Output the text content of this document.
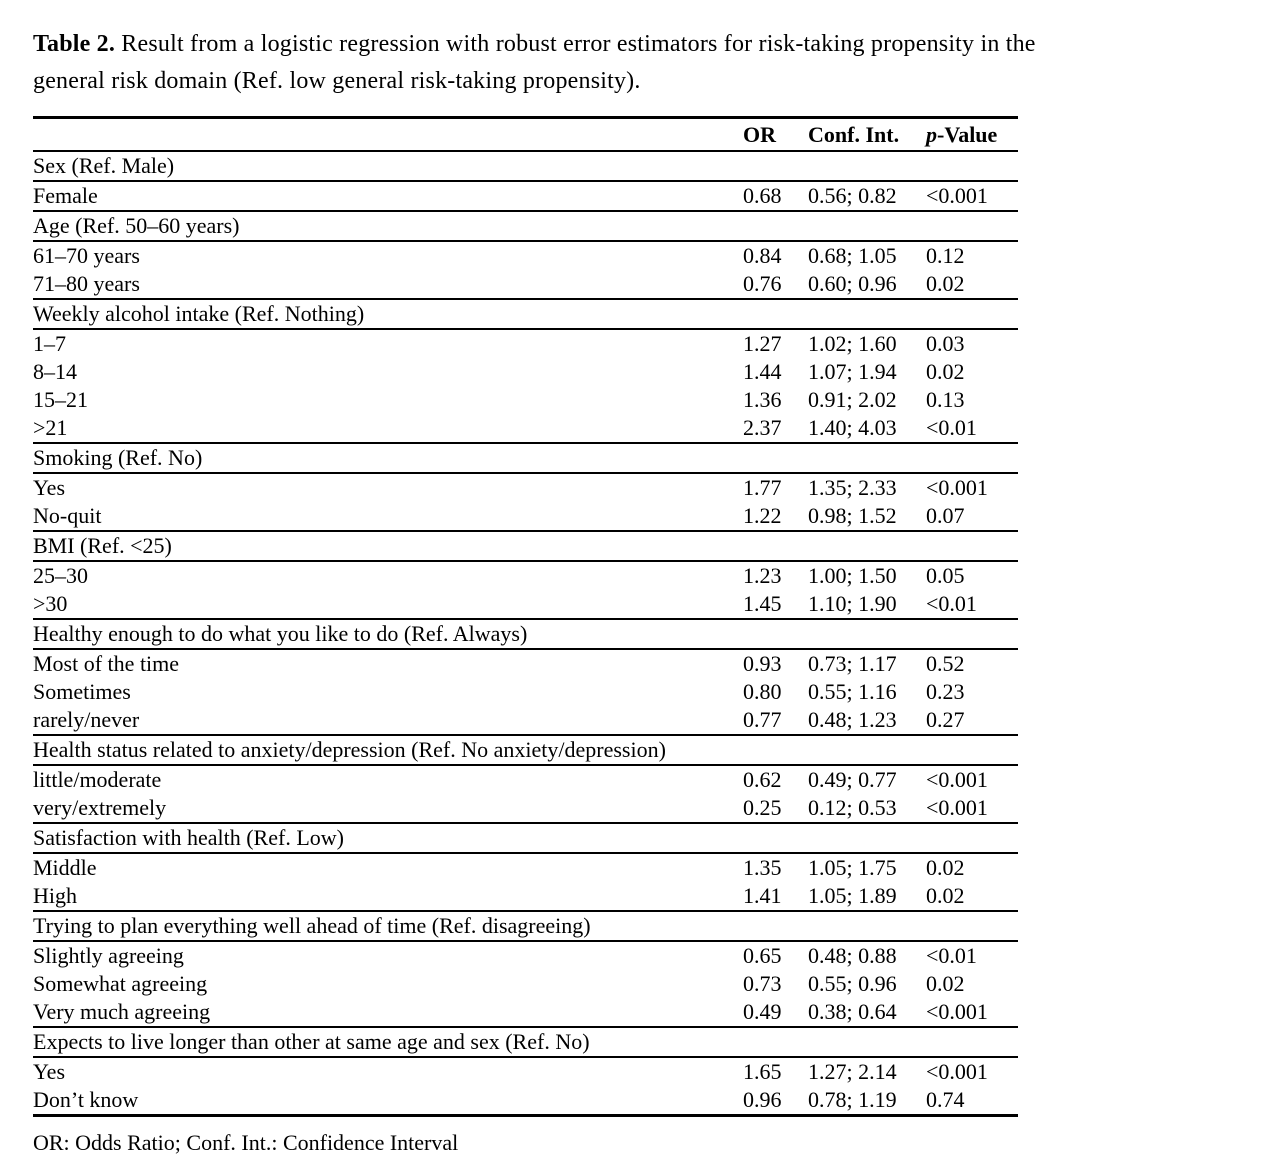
Table 2. Result from a logistic regression with robust error estimators for risk-taking propensity in the
general risk domain (Ref. low general risk-taking propensity).

	OR	Conf. Int.	p-Value
Sex (Ref. Male)			
Female	0.68	0.56; 0.82	<0.001
Age (Ref. 50–60 years)			
61–70 years	0.84	0.68; 1.05	0.12
71–80 years	0.76	0.60; 0.96	0.02
Weekly alcohol intake (Ref. Nothing)			
1–7	1.27	1.02; 1.60	0.03
8–14	1.44	1.07; 1.94	0.02
15–21	1.36	0.91; 2.02	0.13
>21	2.37	1.40; 4.03	<0.01
Smoking (Ref. No)			
Yes	1.77	1.35; 2.33	<0.001
No-quit	1.22	0.98; 1.52	0.07
BMI (Ref. <25)			
25–30	1.23	1.00; 1.50	0.05
>30	1.45	1.10; 1.90	<0.01
Healthy enough to do what you like to do (Ref. Always)			
Most of the time	0.93	0.73; 1.17	0.52
Sometimes	0.80	0.55; 1.16	0.23
rarely/never	0.77	0.48; 1.23	0.27
Health status related to anxiety/depression (Ref. No anxiety/depression)			
little/moderate	0.62	0.49; 0.77	<0.001
very/extremely	0.25	0.12; 0.53	<0.001
Satisfaction with health (Ref. Low)			
Middle	1.35	1.05; 1.75	0.02
High	1.41	1.05; 1.89	0.02
Trying to plan everything well ahead of time (Ref. disagreeing)			
Slightly agreeing	0.65	0.48; 0.88	<0.01
Somewhat agreeing	0.73	0.55; 0.96	0.02
Very much agreeing	0.49	0.38; 0.64	<0.001
Expects to live longer than other at same age and sex (Ref. No)			
Yes	1.65	1.27; 2.14	<0.001
Don’t know	0.96	0.78; 1.19	0.74

OR: Odds Ratio; Conf. Int.: Confidence Interval
